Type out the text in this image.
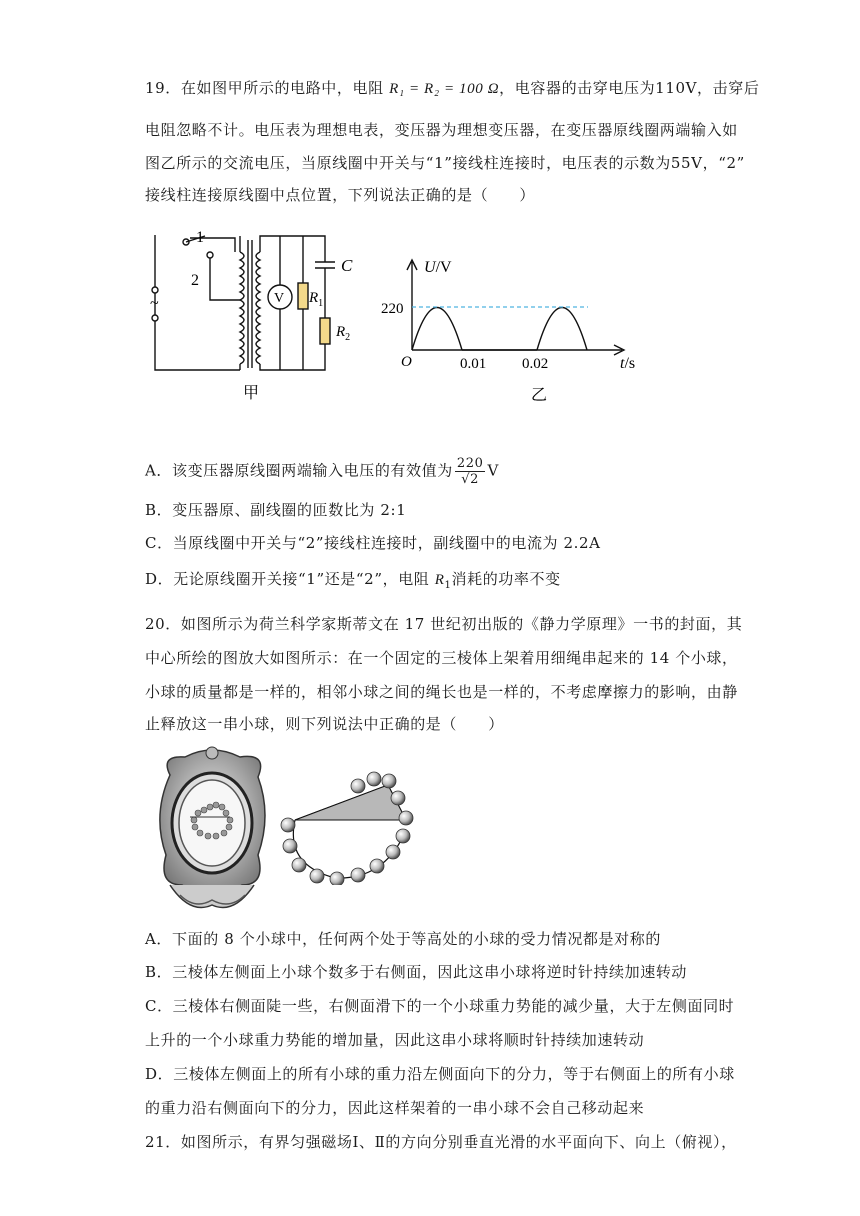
19．在如图甲所示的电路中，电阻 R₁ = R₂ = 100 Ω，电容器的击穿电压为110V，击穿后
电阻忽略不计。电压表为理想电表，变压器为理想变压器，在变压器原线圈两端输入如
图乙所示的交流电压，当原线圈中开关与“1”接线柱连接时，电压表的示数为55V，“2”
接线柱连接原线圈中点位置，下列说法正确的是（　　）
1
2
~	V
C
$R_1$
$R_2$
甲
U/V
220
O	0.01 0.02	t/s
乙
A．该变压器原线圈两端输入电压的有效值为 $\frac{220}{√2}$ V
B．变压器原、副线圈的匝数比为 2:1
C．当原线圈中开关与“2”接线柱连接时，副线圈中的电流为 2.2A
D．无论原线圈开关接“1”还是“2”，电阻 $R_1$消耗的功率不变
20．如图所示为荷兰科学家斯蒂文在 17 世纪初出版的《静力学原理》一书的封面，其
中心所绘的图放大如图所示：在一个固定的三棱体上架着用细绳串起来的 14 个小球，
小球的质量都是一样的，相邻小球之间的绳长也是一样的，不考虑摩擦力的影响，由静
止释放这一串小球，则下列说法中正确的是（　　）
A．下面的 8 个小球中，任何两个处于等高处的小球的受力情况都是对称的
B．三棱体左侧面上小球个数多于右侧面，因此这串小球将逆时针持续加速转动
C．三棱体右侧面陡一些，右侧面滑下的一个小球重力势能的减少量，大于左侧面同时
上升的一个小球重力势能的增加量，因此这串小球将顺时针持续加速转动
D．三棱体左侧面上的所有小球的重力沿左侧面向下的分力，等于右侧面上的所有小球
的重力沿右侧面向下的分力，因此这样架着的一串小球不会自己移动起来
21．如图所示，有界匀强磁场Ⅰ、Ⅱ的方向分别垂直光滑的水平面向下、向上（俯视），
